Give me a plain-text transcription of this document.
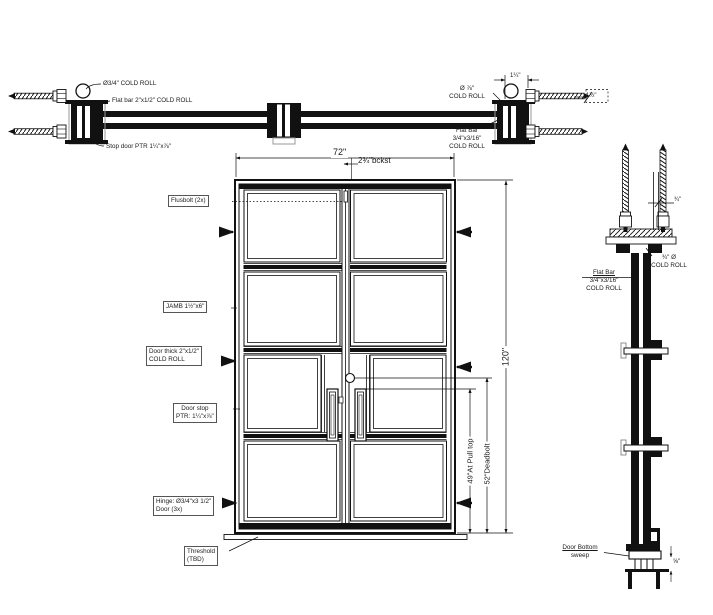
Ø3/4" COLD ROLL
Flat bar 2"x1/2" COLD ROLL
Stop door PTR 1¼"x⅞"
Ø ⅞"
COLD ROLL
Flat Bar
3/4"x3/16"
COLD ROLL
1¼"
1½"
72"
2¾"bckst
49"At Pull top 52"Deadbolt
120"
Flusbolt (2x)
JAMB 1½"x6"
Door thick 2"x1/2"
COLD ROLL
Door stop
PTR: 1¼"x⅞"
Hinge: Ø3/4"x3 1/2"
Door (3x)
Threshold
(TBD)
¾"
¾" Ø
COLD ROLL
Flat Bar
3/4"x3/16"
COLD ROLL
Door Bottom
sweep
⅝"
